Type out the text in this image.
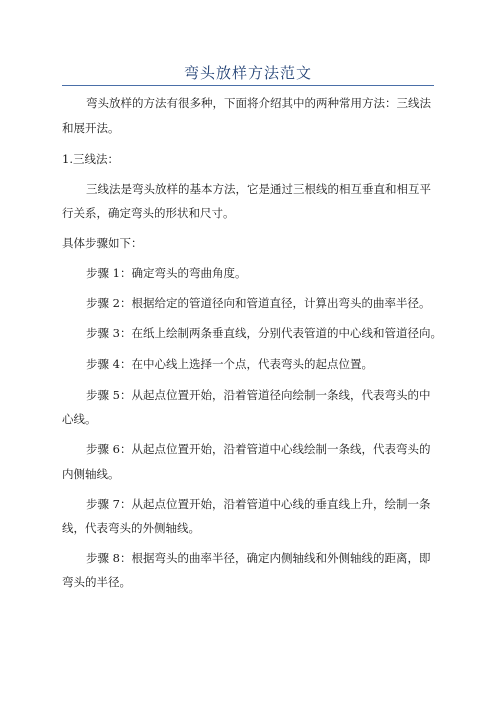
弯头放样方法范文
弯头放样的方法有很多种，下面将介绍其中的两种常用方法：三线法
和展开法。
1.三线法：
三线法是弯头放样的基本方法，它是通过三根线的相互垂直和相互平
行关系，确定弯头的形状和尺寸。
具体步骤如下：
步骤 1：确定弯头的弯曲角度。
步骤 2：根据给定的管道径向和管道直径，计算出弯头的曲率半径。
步骤 3：在纸上绘制两条垂直线，分别代表管道的中心线和管道径向。
步骤 4：在中心线上选择一个点，代表弯头的起点位置。
步骤 5：从起点位置开始，沿着管道径向绘制一条线，代表弯头的中
心线。
步骤 6：从起点位置开始，沿着管道中心线绘制一条线，代表弯头的
内侧轴线。
步骤 7：从起点位置开始，沿着管道中心线的垂直线上升，绘制一条
线，代表弯头的外侧轴线。
步骤 8：根据弯头的曲率半径，确定内侧轴线和外侧轴线的距离，即
弯头的半径。
